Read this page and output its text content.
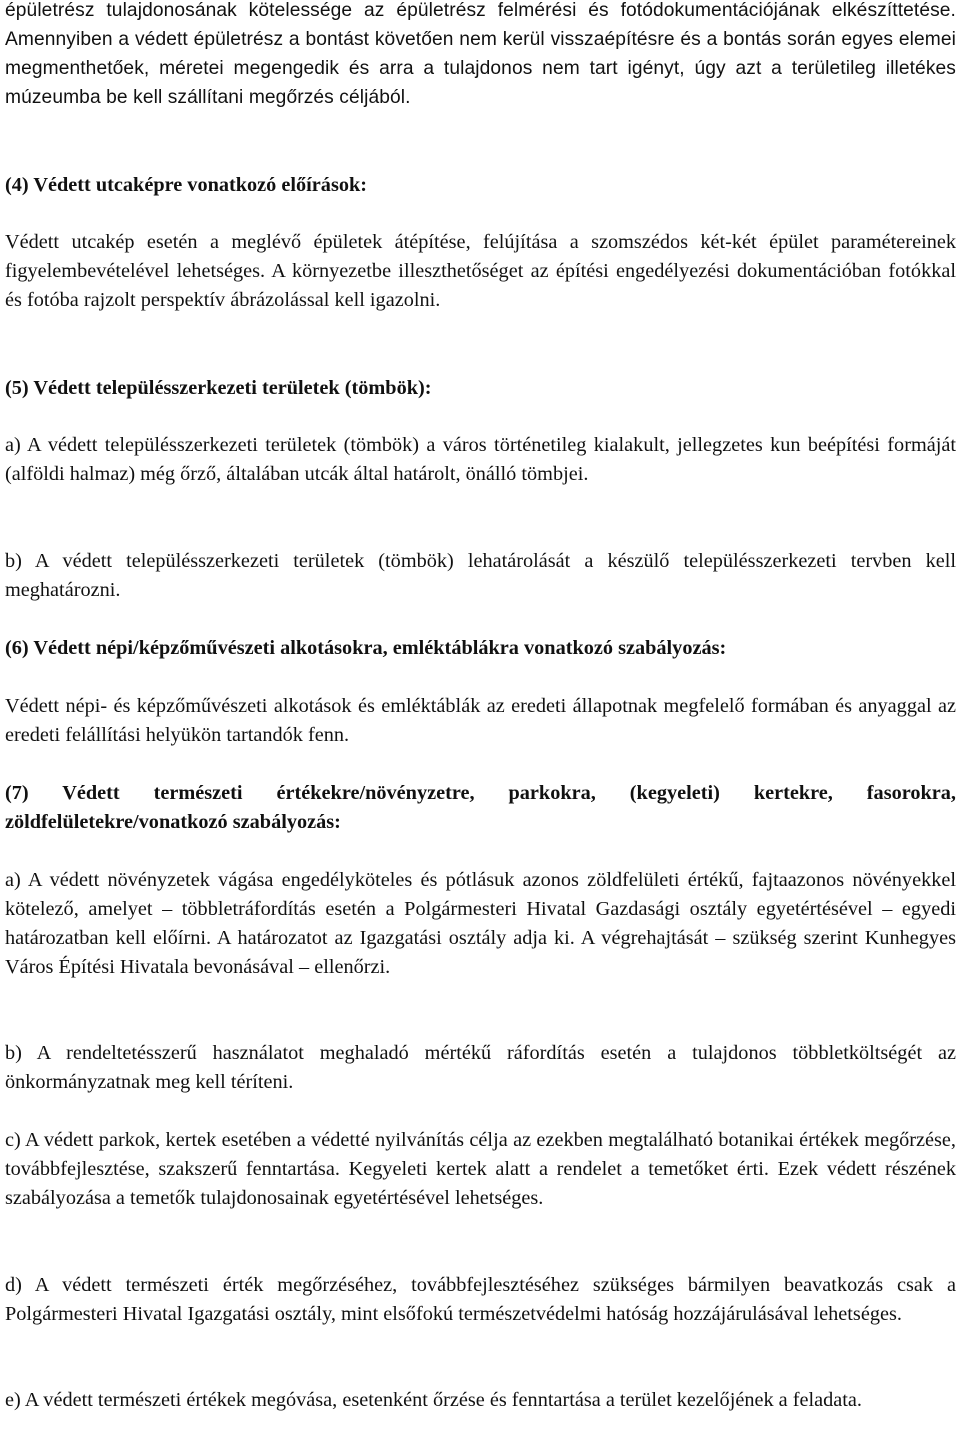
épületrész tulajdonosának kötelessége az épületrész felmérési és fotódokumentációjának elkészíttetése. Amennyiben a védett épületrész a bontást követően nem kerül visszaépítésre és a bontás során egyes elemei megmenthetőek, méretei megengedik és arra a tulajdonos nem tart igényt, úgy azt a területileg illetékes múzeumba be kell szállítani megőrzés céljából.

(4) Védett utcaképre vonatkozó előírások:

Védett utcakép esetén a meglévő épületek átépítése, felújítása a szomszédos két-két épület paramétereinek figyelembevételével lehetséges. A környezetbe illeszthetőséget az építési engedélyezési dokumentációban fotókkal és fotóba rajzolt perspektív ábrázolással kell igazolni.

(5) Védett településszerkezeti területek (tömbök):

a) A védett településszerkezeti területek (tömbök) a város történetileg kialakult, jellegzetes kun beépítési formáját (alföldi halmaz) még őrző, általában utcák által határolt, önálló tömbjei.

b) A védett településszerkezeti területek (tömbök) lehatárolását a készülő településszerkezeti tervben kell meghatározni.

(6) Védett népi/képzőművészeti alkotásokra, emléktáblákra vonatkozó szabályozás:

Védett népi- és képzőművészeti alkotások és emléktáblák az eredeti állapotnak megfelelő formában és anyaggal az eredeti felállítási helyükön tartandók fenn.

(7) Védett természeti értékekre/növényzetre, parkokra, (kegyeleti) kertekre, fasorokra, zöldfelületekre/vonatkozó szabályozás:

a) A védett növényzetek vágása engedélyköteles és pótlásuk azonos zöldfelületi értékű, fajtaazonos növényekkel kötelező, amelyet – többletráfordítás esetén a Polgármesteri Hivatal Gazdasági osztály egyetértésével – egyedi határozatban kell előírni. A határozatot az Igazgatási osztály adja ki. A végrehajtását – szükség szerint Kunhegyes Város Építési Hivatala bevonásával – ellenőrzi.

b) A rendeltetésszerű használatot meghaladó mértékű ráfordítás esetén a tulajdonos többletköltségét az önkormányzatnak meg kell téríteni.

c) A védett parkok, kertek esetében a védetté nyilvánítás célja az ezekben megtalálható botanikai értékek megőrzése, továbbfejlesztése, szakszerű fenntartása. Kegyeleti kertek alatt a rendelet a temetőket érti. Ezek védett részének szabályozása a temetők tulajdonosainak egyetértésével lehetséges.

d) A védett természeti érték megőrzéséhez, továbbfejlesztéséhez szükséges bármilyen beavatkozás csak a Polgármesteri Hivatal Igazgatási osztály, mint elsőfokú természetvédelmi hatóság hozzájárulásával lehetséges.

e) A védett természeti értékek megóvása, esetenként őrzése és fenntartása a terület kezelőjének a feladata.
